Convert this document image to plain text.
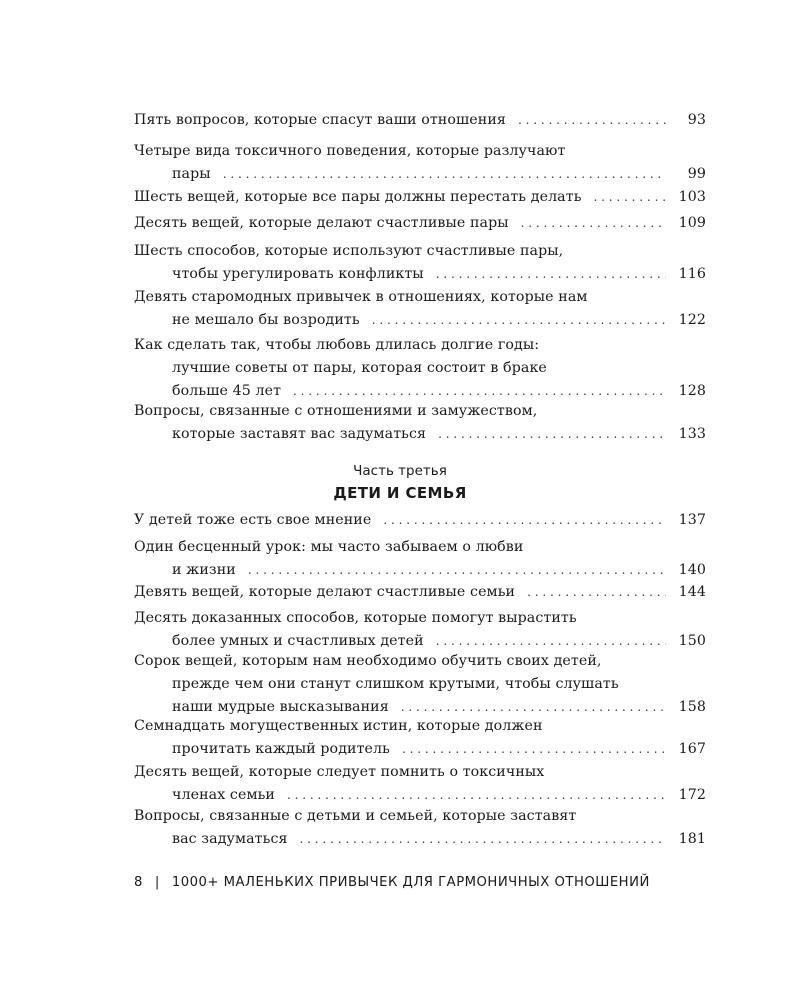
Пять вопросов, которые спасут ваши отношения . . .	93
Четыре вида токсичного поведения, которые разлучают
пары . . .	99
Шесть вещей, которые все пары должны перестать делать . . .	103
Десять вещей, которые делают счастливые пары . . .	109
Шесть способов, которые используют счастливые пары,
чтобы урегулировать конфликты . . .	116
Девять старомодных привычек в отношениях, которые нам
не мешало бы возродить . . .	122
Как сделать так, чтобы любовь длилась долгие годы:
лучшие советы от пары, которая состоит в браке
больше 45 лет . . .	128
Вопросы, связанные с отношениями и замужеством,
которые заставят вас задуматься . . .	133
У детей тоже есть свое мнение . . .	137
Один бесценный урок: мы часто забываем о любви
и жизни . . .	140
Девять вещей, которые делают счастливые семьи . . .	144
Десять доказанных способов, которые помогут вырастить
более умных и счастливых детей . . .	150
Сорок вещей, которым нам необходимо обучить своих детей,
прежде чем они станут слишком крутыми, чтобы слушать
наши мудрые высказывания . . .	158
Семнадцать могущественных истин, которые должен
прочитать каждый родитель . . .	167
Десять вещей, которые следует помнить о токсичных
членах семьи . . .	172
Вопросы, связанные с детьми и семьей, которые заставят
вас задуматься . . .	181
Часть третья
ДЕТИ И СЕМЬЯ
8 | 1000+ МАЛЕНЬКИХ ПРИВЫЧЕК ДЛЯ ГАРМОНИЧНЫХ ОТНОШЕНИЙ
